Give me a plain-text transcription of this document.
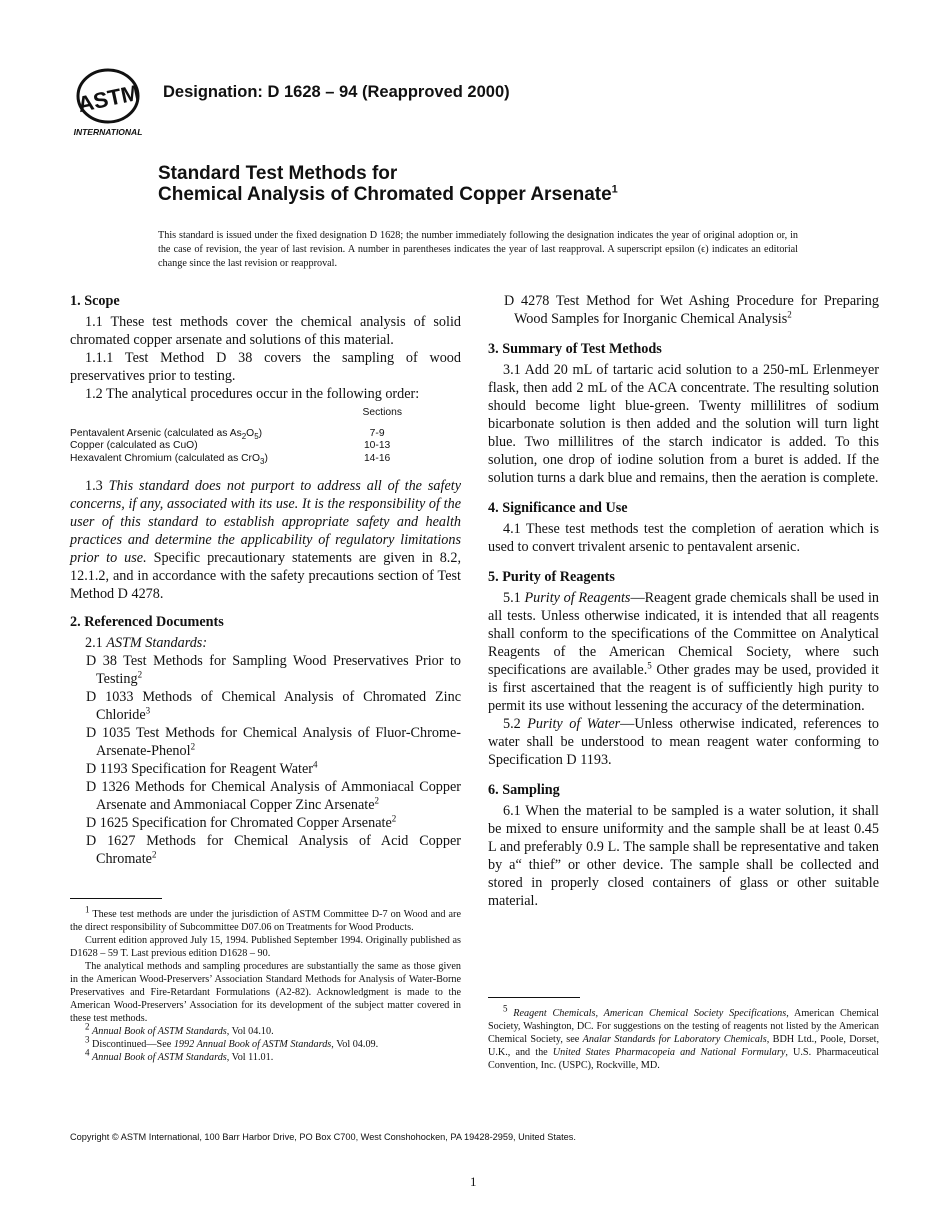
ASTM
INTERNATIONAL
Designation: D 1628 – 94 (Reapproved 2000)
Standard Test Methods for
Chemical Analysis of Chromated Copper Arsenate$^1$
This standard is issued under the fixed designation D 1628; the number immediately following the designation indicates the year of original adoption or, in the case of revision, the year of last revision. A number in parentheses indicates the year of last reapproval. A superscript epsilon (ϵ) indicates an editorial change since the last revision or reapproval.
1. Scope

1.1 These test methods cover the chemical analysis of solid chromated copper arsenate and solutions of this material.

1.1.1 Test Method D 38 covers the sampling of wood preservatives prior to testing.

1.2 The analytical procedures occur in the following order:

Sections
Pentavalent Arsenic (calculated as $As_2O_5$)	7-9
Copper (calculated as CuO)	10-13
Hexavalent Chromium (calculated as CrO$_3$)	14-16

1.3 This standard does not purport to address all of the safety concerns, if any, associated with its use. It is the responsibility of the user of this standard to establish appropriate safety and health practices and determine the applicability of regulatory limitations prior to use. Specific precautionary statements are given in 8.2, 12.1.2, and in accordance with the safety precautions section of Test Method D 4278.

2. Referenced Documents

2.1 ASTM Standards:

D 38 Test Methods for Sampling Wood Preservatives Prior to Testing$^2$

D 1033 Methods of Chemical Analysis of Chromated Zinc Chloride$^3$

D 1035 Test Methods for Chemical Analysis of Fluor-Chrome-Arsenate-Phenol$^2$

D 1193 Specification for Reagent Water$^4$

D 1326 Methods for Chemical Analysis of Ammoniacal Copper Arsenate and Ammoniacal Copper Zinc Arsenate$^2$

D 1625 Specification for Chromated Copper Arsenate$^2$

D 1627 Methods for Chemical Analysis of Acid Copper Chromate$^2$

$^1$ These test methods are under the jurisdiction of ASTM Committee D-7 on Wood and are the direct responsibility of Subcommittee D07.06 on Treatments for Wood Products.

Current edition approved July 15, 1994. Published September 1994. Originally published as D1628 – 59 T. Last previous edition D1628 – 90.

The analytical methods and sampling procedures are substantially the same as those given in the American Wood-Preservers’ Association Standard Methods for Analysis of Water-Borne Preservatives and Fire-Retardant Formulations (A2-82). Acknowledgment is made to the American Wood-Preservers’ Association for its development of the subject matter covered in these test methods.

$^2$ Annual Book of ASTM Standards, Vol 04.10.

$^3$ Discontinued—See 1992 Annual Book of ASTM Standards, Vol 04.09.

$^4$ Annual Book of ASTM Standards, Vol 11.01.

D 4278 Test Method for Wet Ashing Procedure for Preparing Wood Samples for Inorganic Chemical Analysis$^2$

3. Summary of Test Methods

3.1 Add 20 mL of tartaric acid solution to a 250-mL Erlenmeyer flask, then add 2 mL of the ACA concentrate. The resulting solution should become light blue-green. Twenty millilitres of sodium bicarbonate solution is then added and the solution will turn light blue. Two millilitres of the starch indicator is added. To this solution, one drop of iodine solution from a buret is added. If the solution turns a dark blue and remains, then the aeration is complete.

4. Significance and Use

4.1 These test methods test the completion of aeration which is used to convert trivalent arsenic to pentavalent arsenic.

5. Purity of Reagents

5.1 Purity of Reagents—Reagent grade chemicals shall be used in all tests. Unless otherwise indicated, it is intended that all reagents shall conform to the specifications of the Committee on Analytical Reagents of the American Chemical Society, where such specifications are available.$^5$ Other grades may be used, provided it is first ascertained that the reagent is of sufficiently high purity to permit its use without lessening the accuracy of the determination.

5.2 Purity of Water—Unless otherwise indicated, references to water shall be understood to mean reagent water conforming to Specification D 1193.

6. Sampling

6.1 When the material to be sampled is a water solution, it shall be mixed to ensure uniformity and the sample shall be at least 0.45 L and preferably 0.9 L. The sample shall be representative and taken by a“ thief” or other device. The sample shall be collected and stored in properly closed containers of glass or other suitable material.

$^5$ Reagent Chemicals, American Chemical Society Specifications, American Chemical Society, Washington, DC. For suggestions on the testing of reagents not listed by the American Chemical Society, see Analar Standards for Laboratory Chemicals, BDH Ltd., Poole, Dorset, U.K., and the United States Pharmacopeia and National Formulary, U.S. Pharmaceutical Convention, Inc. (USPC), Rockville, MD.

Copyright © ASTM International, 100 Barr Harbor Drive, PO Box C700, West Conshohocken, PA 19428-2959, United States.
1
